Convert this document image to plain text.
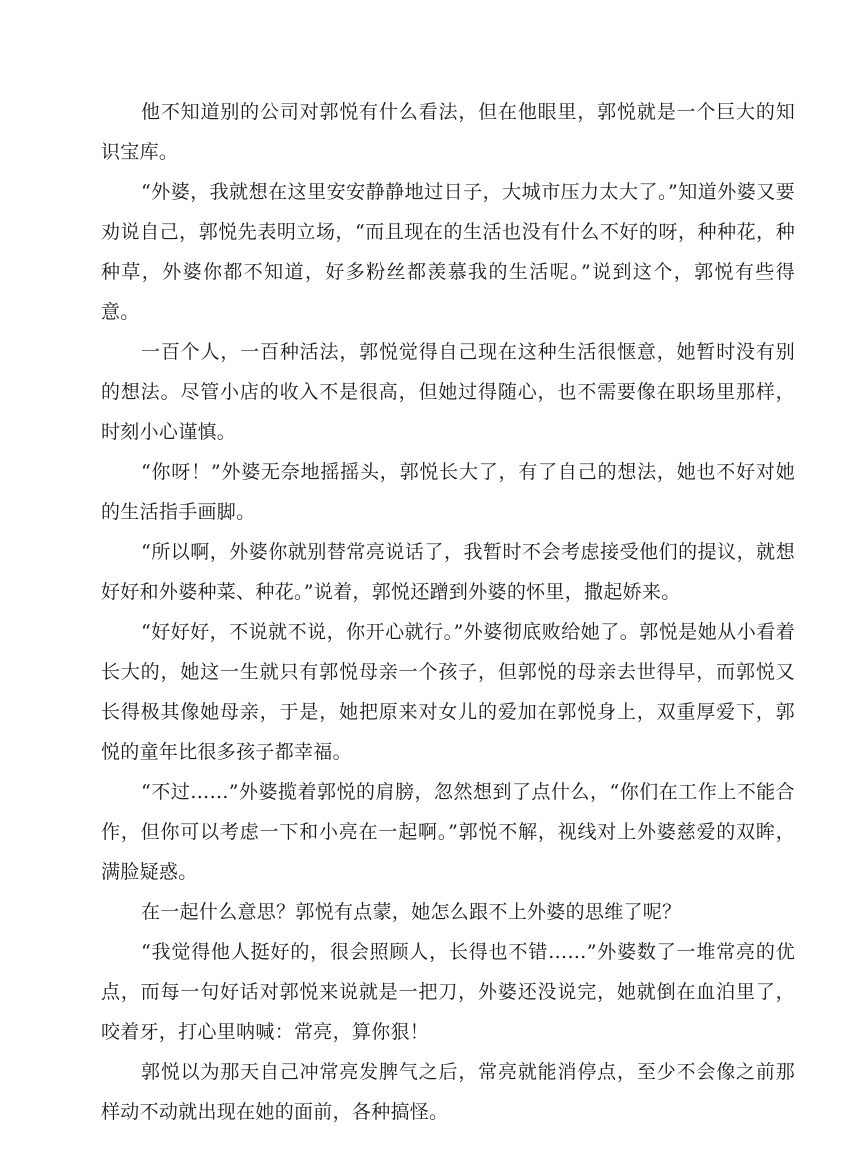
他不知道别的公司对郭悦有什么看法，但在他眼里，郭悦就是一个巨大的知识宝库。

“外婆，我就想在这里安安静静地过日子，大城市压力太大了。”知道外婆又要劝说自己，郭悦先表明立场，“而且现在的生活也没有什么不好的呀，种种花，种种草，外婆你都不知道，好多粉丝都羡慕我的生活呢。”说到这个，郭悦有些得意。

一百个人，一百种活法，郭悦觉得自己现在这种生活很惬意，她暂时没有别的想法。尽管小店的收入不是很高，但她过得随心，也不需要像在职场里那样，时刻小心谨慎。

“你呀！”外婆无奈地摇摇头，郭悦长大了，有了自己的想法，她也不好对她的生活指手画脚。

“所以啊，外婆你就别替常亮说话了，我暂时不会考虑接受他们的提议，就想好好和外婆种菜、种花。”说着，郭悦还蹭到外婆的怀里，撒起娇来。

“好好好，不说就不说，你开心就行。”外婆彻底败给她了。郭悦是她从小看着长大的，她这一生就只有郭悦母亲一个孩子，但郭悦的母亲去世得早，而郭悦又长得极其像她母亲，于是，她把原来对女儿的爱加在郭悦身上，双重厚爱下，郭悦的童年比很多孩子都幸福。

“不过……”外婆揽着郭悦的肩膀，忽然想到了点什么，“你们在工作上不能合作，但你可以考虑一下和小亮在一起啊。”郭悦不解，视线对上外婆慈爱的双眸，满脸疑惑。

在一起什么意思？郭悦有点蒙，她怎么跟不上外婆的思维了呢？

“我觉得他人挺好的，很会照顾人，长得也不错……”外婆数了一堆常亮的优点，而每一句好话对郭悦来说就是一把刀，外婆还没说完，她就倒在血泊里了，咬着牙，打心里呐喊：常亮，算你狠！

郭悦以为那天自己冲常亮发脾气之后，常亮就能消停点，至少不会像之前那样动不动就出现在她的面前，各种搞怪。
